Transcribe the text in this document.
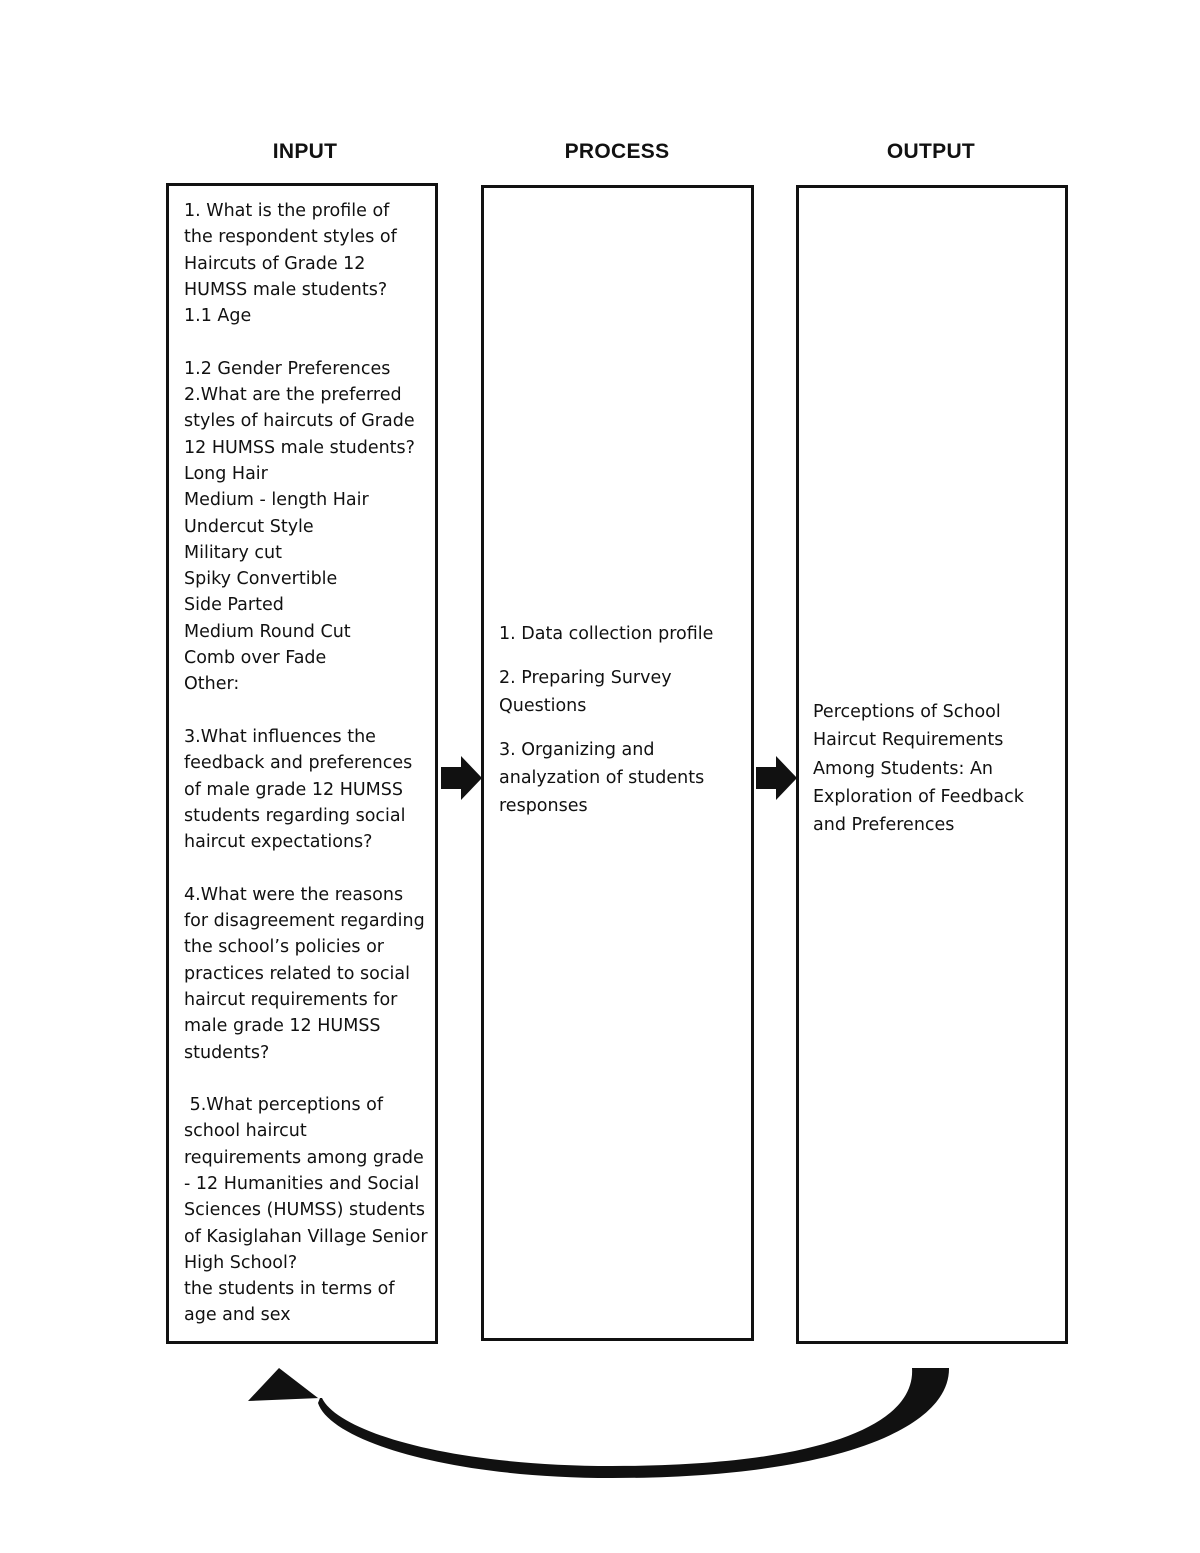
INPUT	PROCESS	OUTPUT
1. What is the profile of
the respondent styles of
Haircuts of Grade 12
HUMSS male students?
1.1 Age

1.2 Gender Preferences
2.What are the preferred
styles of haircuts of Grade
12 HUMSS male students?
Long Hair
Medium - length Hair
Undercut Style
Military cut
Spiky Convertible
Side Parted
Medium Round Cut
Comb over Fade
Other:

3.What influences the
feedback and preferences
of male grade 12 HUMSS
students regarding social
haircut expectations?

4.What were the reasons
for disagreement regarding
the school’s policies or
practices related to social
haircut requirements for
male grade 12 HUMSS
students?

5.What perceptions of
school haircut
requirements among grade
- 12 Humanities and Social
Sciences (HUMSS) students
of Kasiglahan Village Senior
High School?
the students in terms of
age and sex
1. Data collection profile
2. Preparing Survey
Questions
3. Organizing and
analyzation of students
responses
Perceptions of School
Haircut Requirements
Among Students: An
Exploration of Feedback
and Preferences
